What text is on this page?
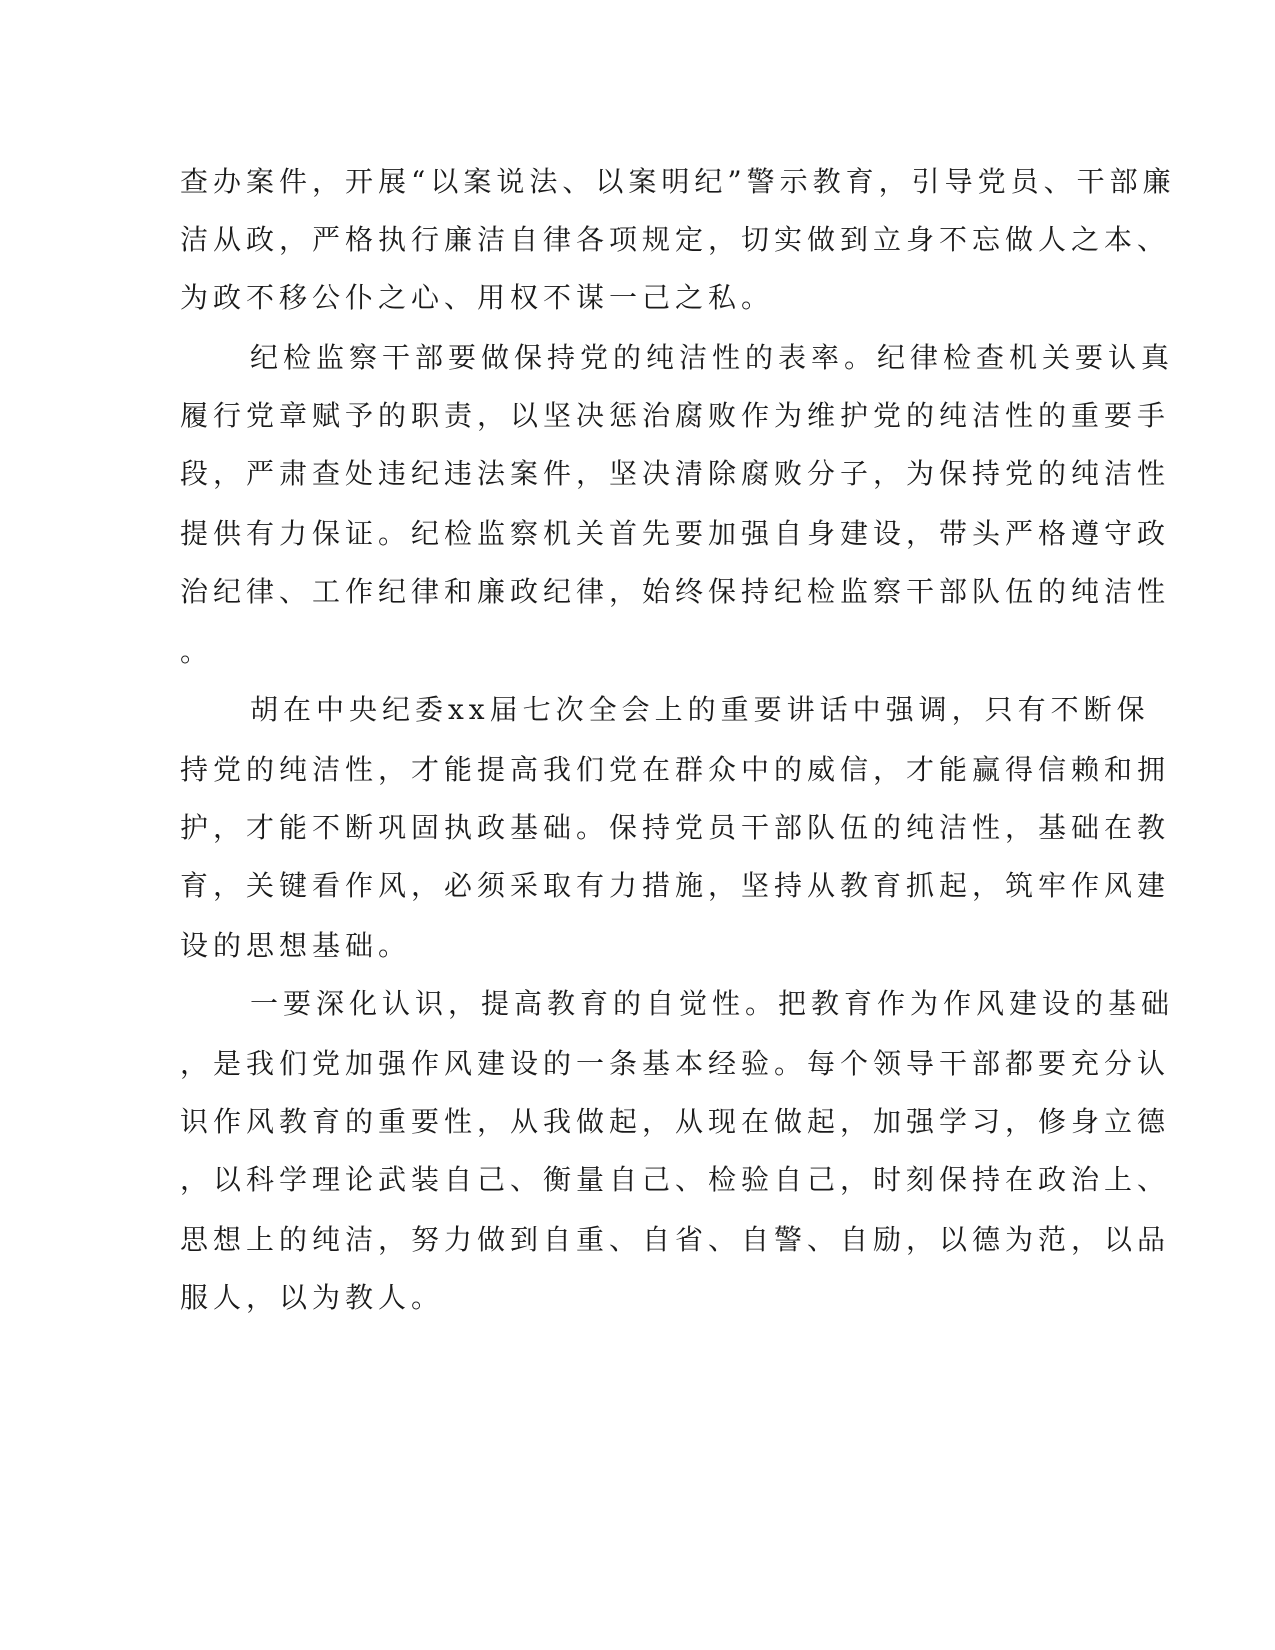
查办案件，开展“以案说法、以案明纪”警示教育，引导党员、干部廉

洁从政，严格执行廉洁自律各项规定，切实做到立身不忘做人之本、

为政不移公仆之心、用权不谋一己之私。

纪检监察干部要做保持党的纯洁性的表率。纪律检查机关要认真

履行党章赋予的职责，以坚决惩治腐败作为维护党的纯洁性的重要手

段，严肃查处违纪违法案件，坚决清除腐败分子，为保持党的纯洁性

提供有力保证。纪检监察机关首先要加强自身建设，带头严格遵守政

治纪律、工作纪律和廉政纪律，始终保持纪检监察干部队伍的纯洁性

。

胡在中央纪委xx届七次全会上的重要讲话中强调，只有不断保

持党的纯洁性，才能提高我们党在群众中的威信，才能赢得信赖和拥

护，才能不断巩固执政基础。保持党员干部队伍的纯洁性，基础在教

育，关键看作风，必须采取有力措施，坚持从教育抓起，筑牢作风建

设的思想基础。

一要深化认识，提高教育的自觉性。把教育作为作风建设的基础

，是我们党加强作风建设的一条基本经验。每个领导干部都要充分认

识作风教育的重要性，从我做起，从现在做起，加强学习，修身立德

，以科学理论武装自己、衡量自己、检验自己，时刻保持在政治上、

思想上的纯洁，努力做到自重、自省、自警、自励，以德为范，以品

服人，以为教人。
